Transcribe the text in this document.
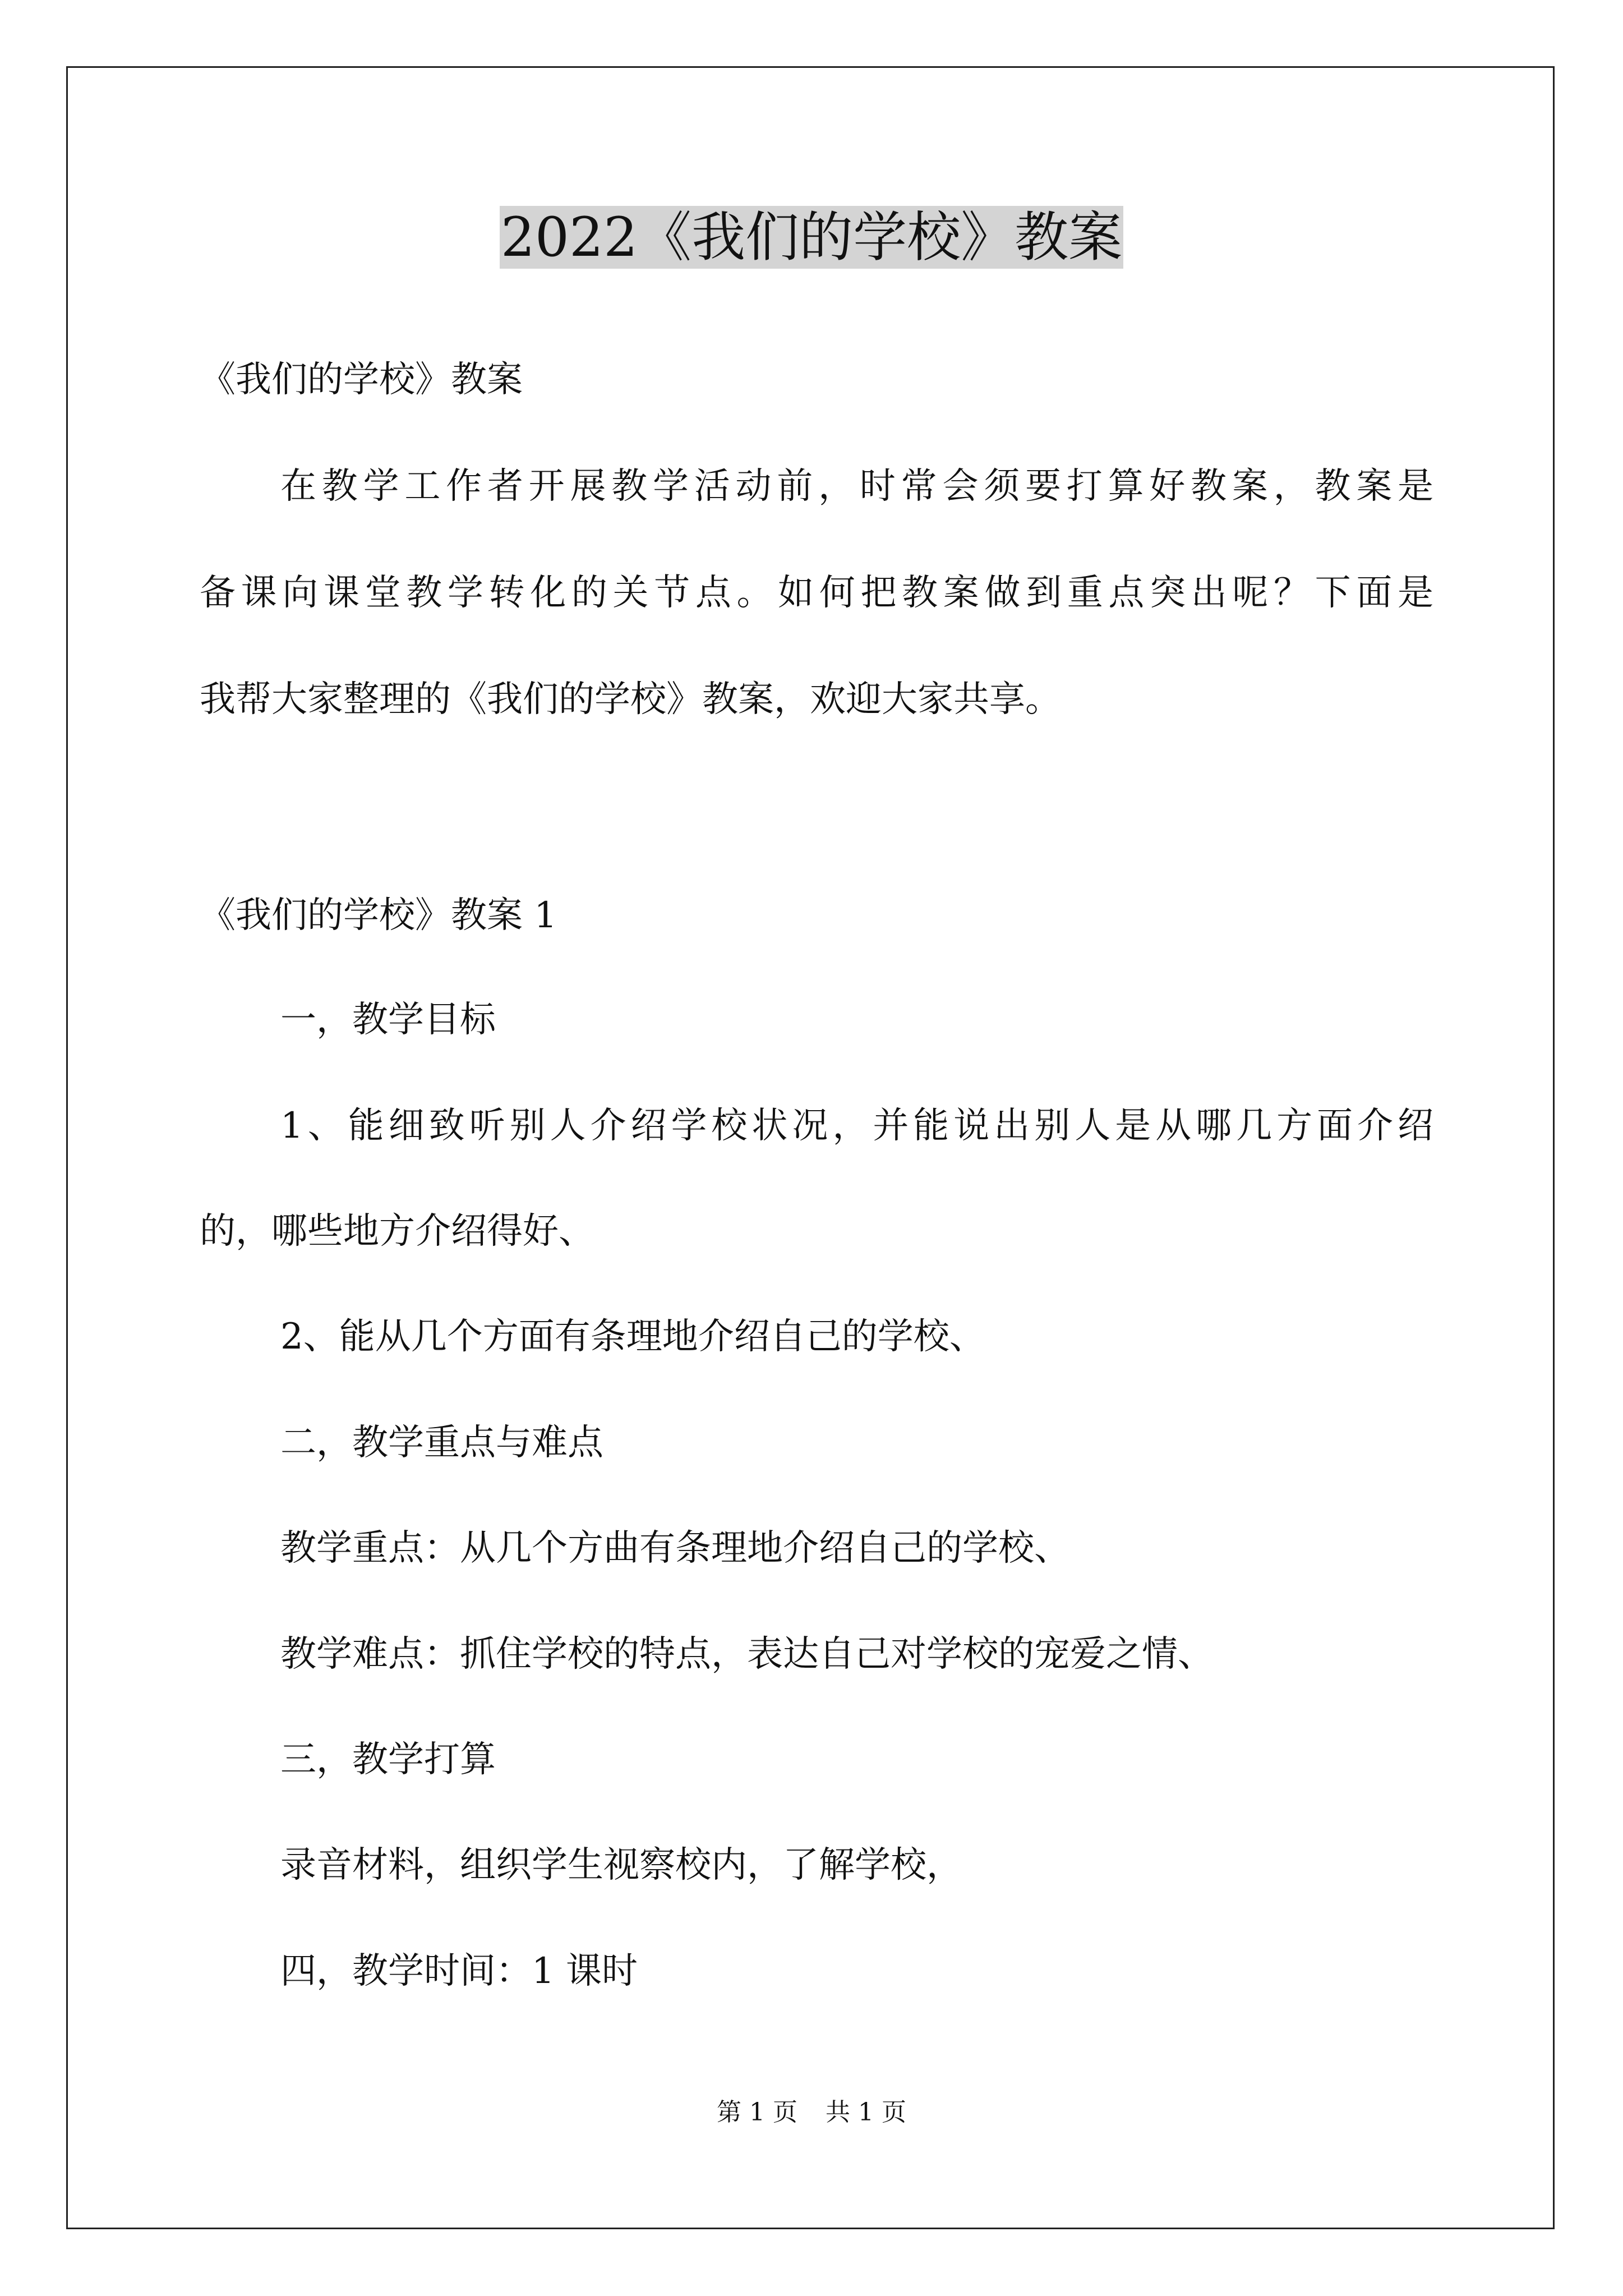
2022《我们的学校》教案
《我们的学校》教案
在教学工作者开展教学活动前，时常会须要打算好教案，教案是
备课向课堂教学转化的关节点。如何把教案做到重点突出呢？下面是
我帮大家整理的《我们的学校》教案，欢迎大家共享。
《我们的学校》教案 1
一，教学目标
1、能细致听别人介绍学校状况，并能说出别人是从哪几方面介绍
的，哪些地方介绍得好、
2、能从几个方面有条理地介绍自己的学校、
二，教学重点与难点
教学重点：从几个方曲有条理地介绍自己的学校、
教学难点：抓住学校的特点，表达自己对学校的宠爱之情、
三，教学打算
录音材料，组织学生视察校内，了解学校，
四，教学时间：1 课时
第 1 页 共 1 页
